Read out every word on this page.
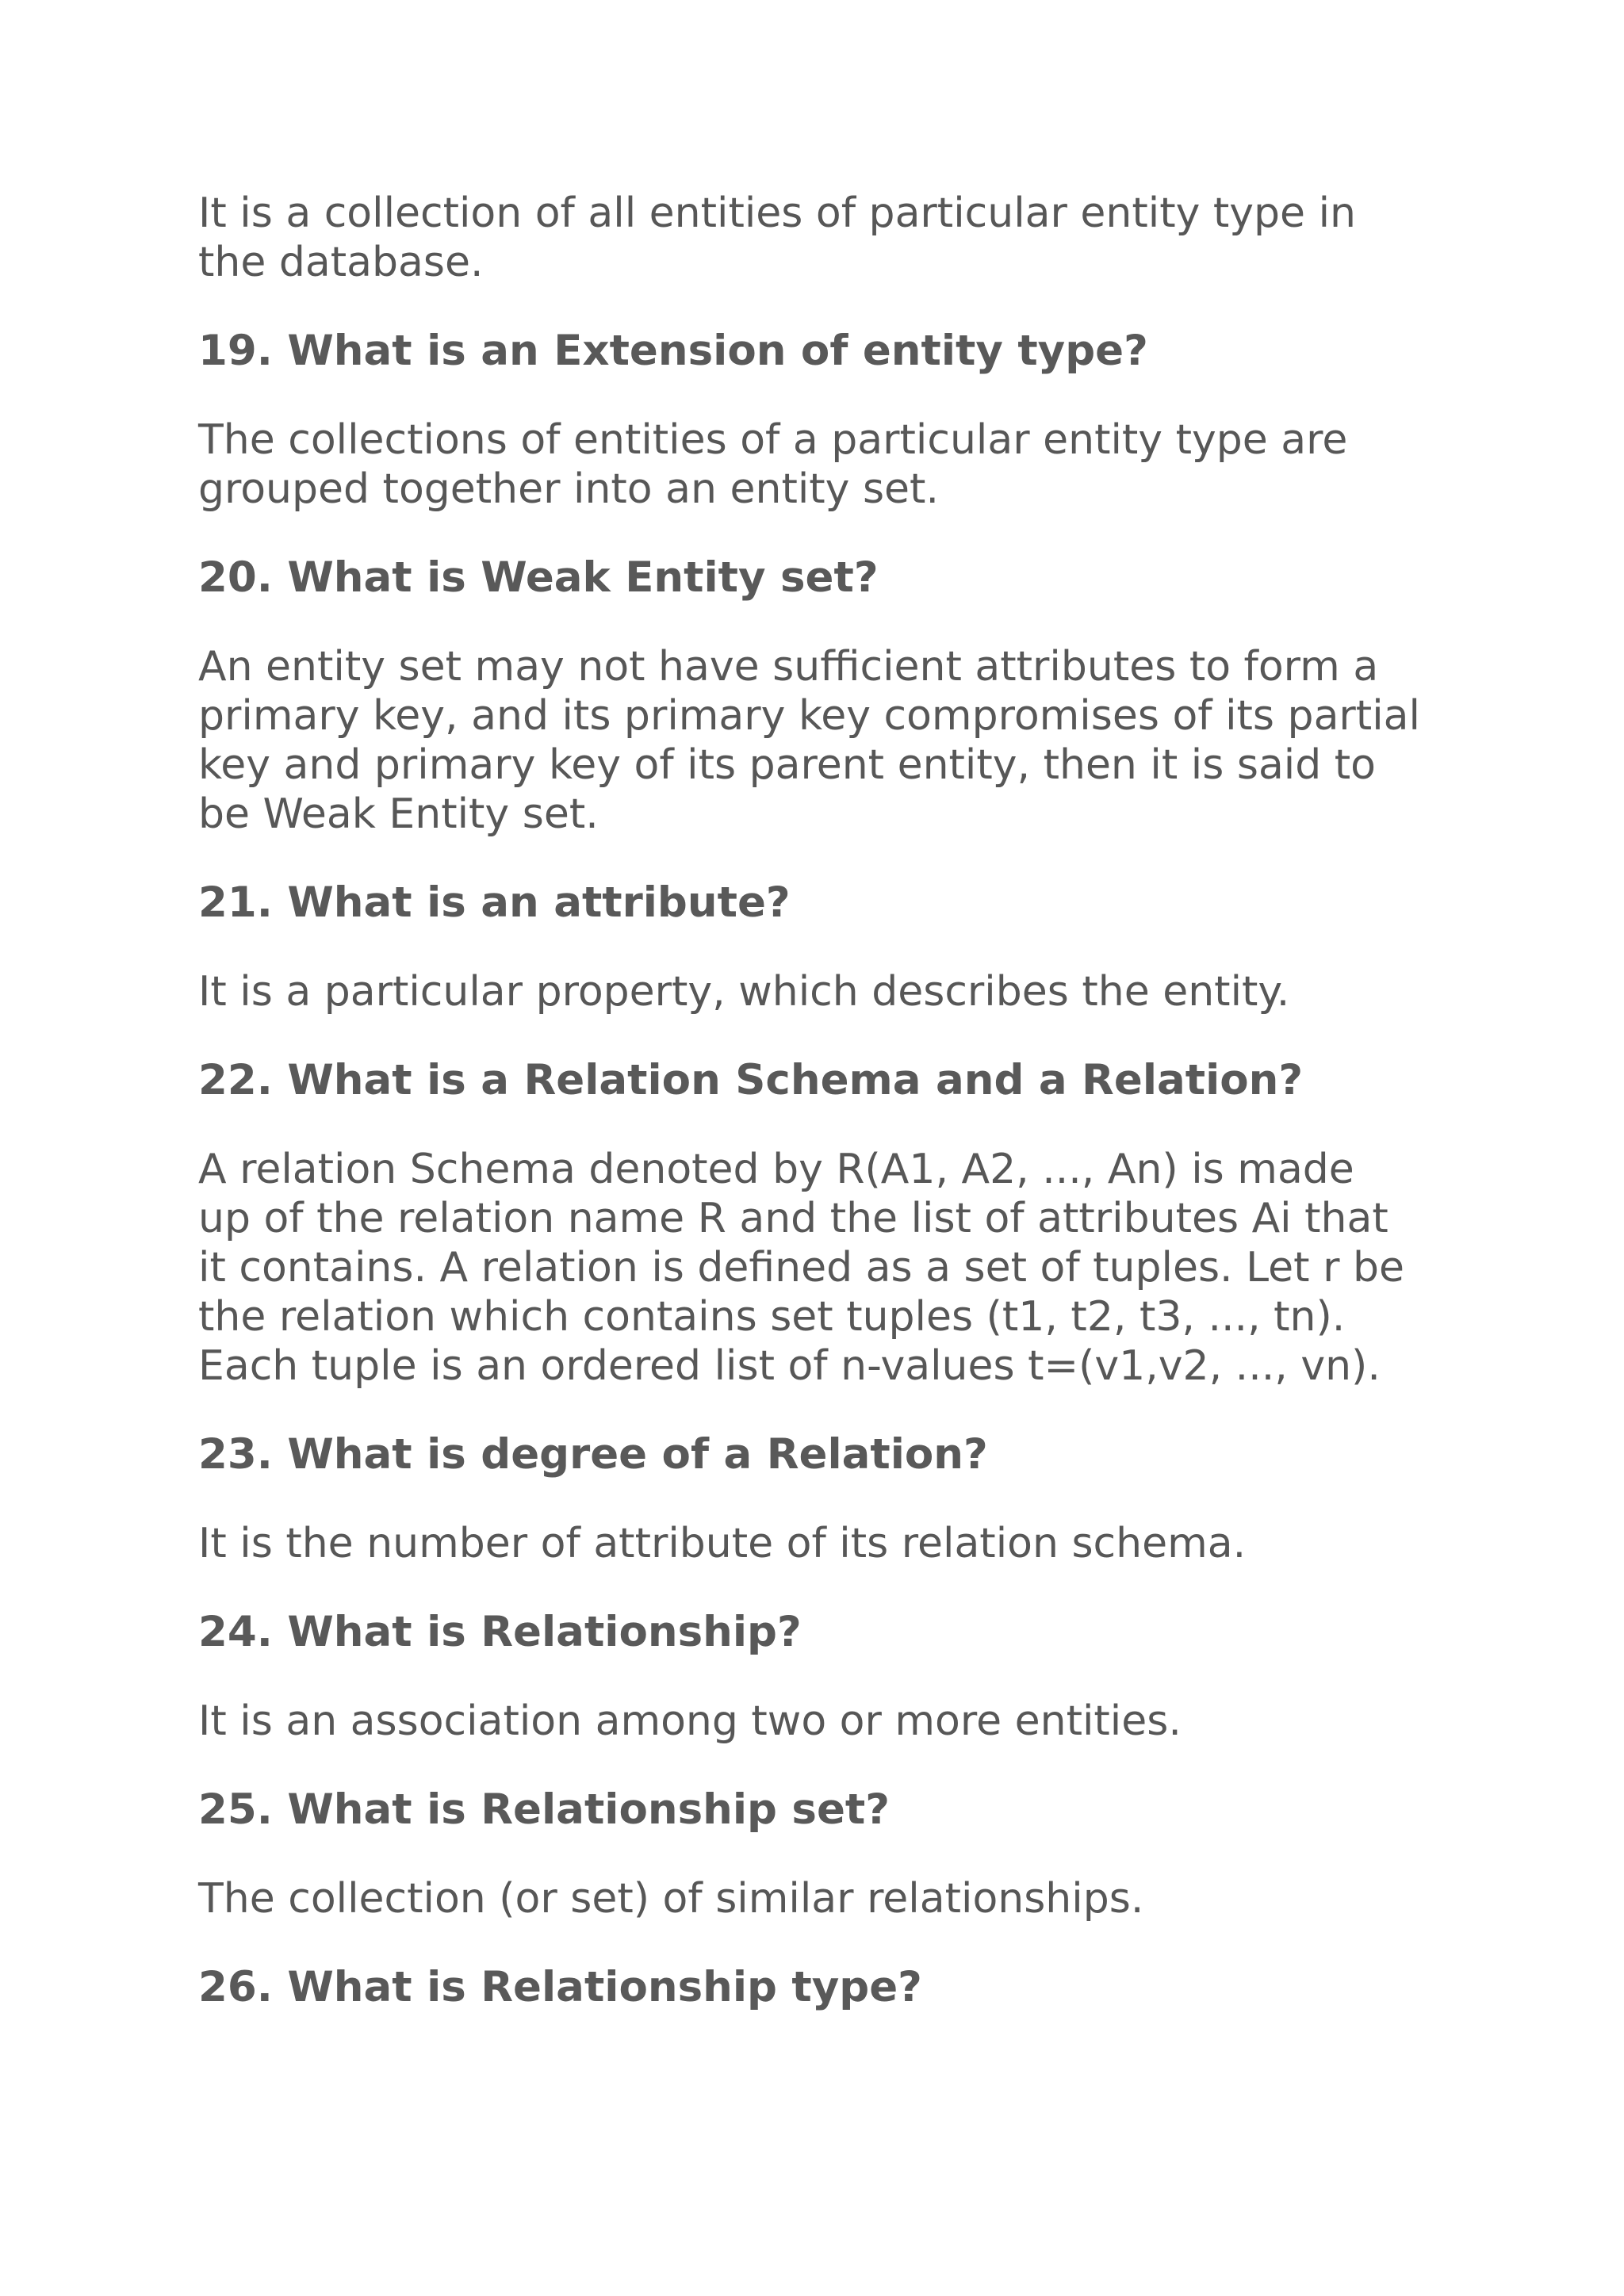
It is a collection of all entities of particular entity type in
the database.
19. What is an Extension of entity type?
The collections of entities of a particular entity type are
grouped together into an entity set.
20. What is Weak Entity set?
An entity set may not have sufficient attributes to form a
primary key, and its primary key compromises of its partial
key and primary key of its parent entity, then it is said to
be Weak Entity set.
21. What is an attribute?
It is a particular property, which describes the entity.
22. What is a Relation Schema and a Relation?
A relation Schema denoted by R(A1, A2, ..., An) is made
up of the relation name R and the list of attributes Ai that
it contains. A relation is defined as a set of tuples. Let r be
the relation which contains set tuples (t1, t2, t3, ..., tn).
Each tuple is an ordered list of n-values t=(v1,v2, ..., vn).
23. What is degree of a Relation?
It is the number of attribute of its relation schema.
24. What is Relationship?
It is an association among two or more entities.
25. What is Relationship set?
The collection (or set) of similar relationships.
26. What is Relationship type?
